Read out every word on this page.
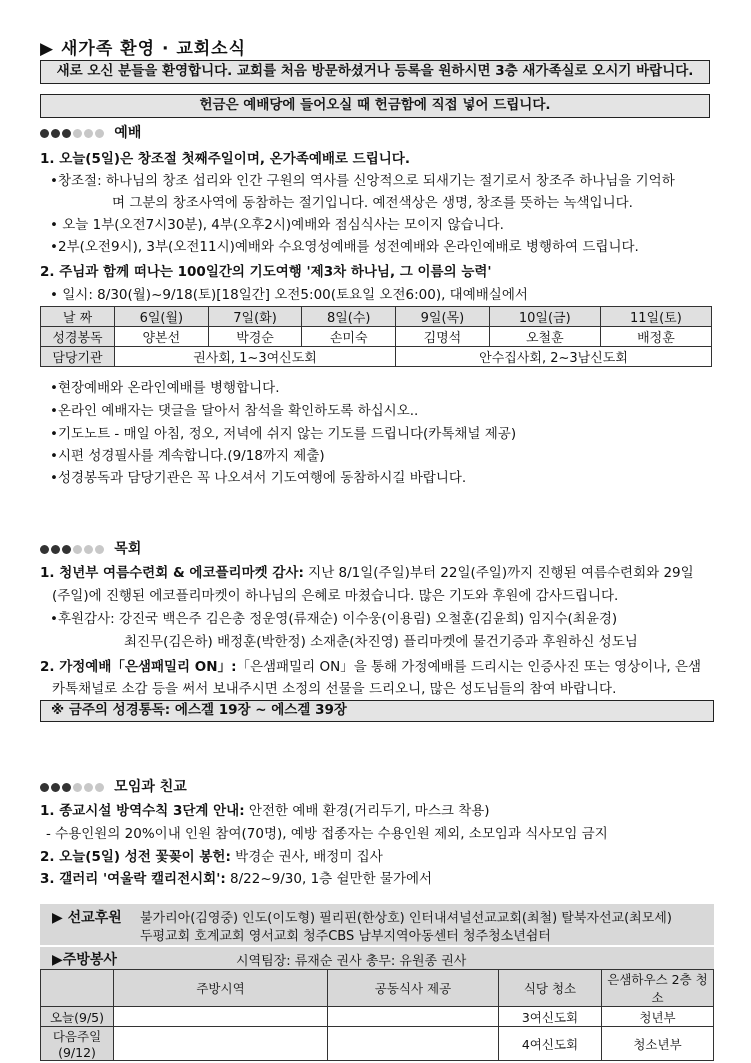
▶ 새가족 환영 · 교회소식
새로 오신 분들을 환영합니다. 교회를 처음 방문하셨거나 등록을 원하시면 3층 새가족실로 오시기 바랍니다.
헌금은 예배당에 들어오실 때 헌금함에 직접 넣어 드립니다.
예배
1. 오늘(5일)은 창조절 첫째주일이며, 온가족예배로 드립니다.
•창조절: 하나님의 창조 섭리와 인간 구원의 역사를 신앙적으로 되새기는 절기로서 창조주 하나님을 기억하
며 그분의 창조사역에 동참하는 절기입니다. 예전색상은 생명, 창조를 뜻하는 녹색입니다.
• 오늘 1부(오전7시30분), 4부(오후2시)예배와 점심식사는 모이지 않습니다.
•2부(오전9시), 3부(오전11시)예배와 수요영성예배를 성전예배와 온라인예배로 병행하여 드립니다.
2. 주님과 함께 떠나는 100일간의 기도여행 '제3차 하나님, 그 이름의 능력'
• 일시: 8/30(월)~9/18(토)[18일간] 오전5:00(토요일 오전6:00), 대예배실에서
날 짜	6일(월)	7일(화)	8일(수)	9일(목)	10일(금)	11일(토)
성경봉독	양본선	박경순	손미숙	김명석	오철훈	배정훈
담당기관	권사회, 1~3여신도회			안수집사회, 2~3남신도회		
•현장예배와 온라인예배를 병행합니다.
•온라인 예배자는 댓글을 달아서 참석을 확인하도록 하십시오..
•기도노트 - 매일 아침, 정오, 저녁에 쉬지 않는 기도를 드립니다(카톡채널 제공)
•시편 성경필사를 계속합니다.(9/18까지 제출)
•성경봉독과 담당기관은 꼭 나오셔서 기도여행에 동참하시길 바랍니다.
목회
1. 청년부 여름수련회 & 에코플리마켓 감사: 지난 8/1일(주일)부터 22일(주일)까지 진행된 여름수련회와 29일
(주일)에 진행된 에코플리마켓이 하나님의 은혜로 마쳤습니다. 많은 기도와 후원에 감사드립니다.
•후원감사: 강진국 백은주 김은총 정운영(류재순) 이수웅(이용림) 오철훈(김윤희) 임지수(최윤경)
최진무(김은하) 배정훈(박한정) 소재춘(차진영) 플리마켓에 물건기증과 후원하신 성도님
2. 가정예배「은샘패밀리 ON」:「은샘패밀리 ON」을 통해 가정예배를 드리시는 인증사진 또는 영상이나, 은샘
카톡채널로 소감 등을 써서 보내주시면 소정의 선물을 드리오니, 많은 성도님들의 참여 바랍니다.
※ 금주의 성경통독: 에스겔 19장 ~ 에스겔 39장
모임과 친교
1. 종교시설 방역수칙 3단계 안내: 안전한 예배 환경(거리두기, 마스크 착용)
- 수용인원의 20%이내 인원 참여(70명), 예방 접종자는 수용인원 제외, 소모임과 식사모임 금지
2. 오늘(5일) 성전 꽃꽂이 봉헌: 박경순 권사, 배정미 집사
3. 갤러리 '여울락 캘리전시회': 8/22~9/30, 1층 쉴만한 물가에서
▶ 선교후원 불가리아(김영중) 인도(이도형) 필리핀(한상호) 인터내셔널선교교회(최철) 탈북자선교(최모세)
두평교회 호계교회 영서교회 청주CBS 남부지역아동센터 청주청소년쉼터
▶주방봉사	시역팀장: 류재순 권사 총무: 유원종 권사
	주방시역	공동식사 제공	식당 청소	은샘하우스 2층 청소
오늘(9/5)			3여신도회	청년부
다음주일(9/12)			4여신도회	청소년부
